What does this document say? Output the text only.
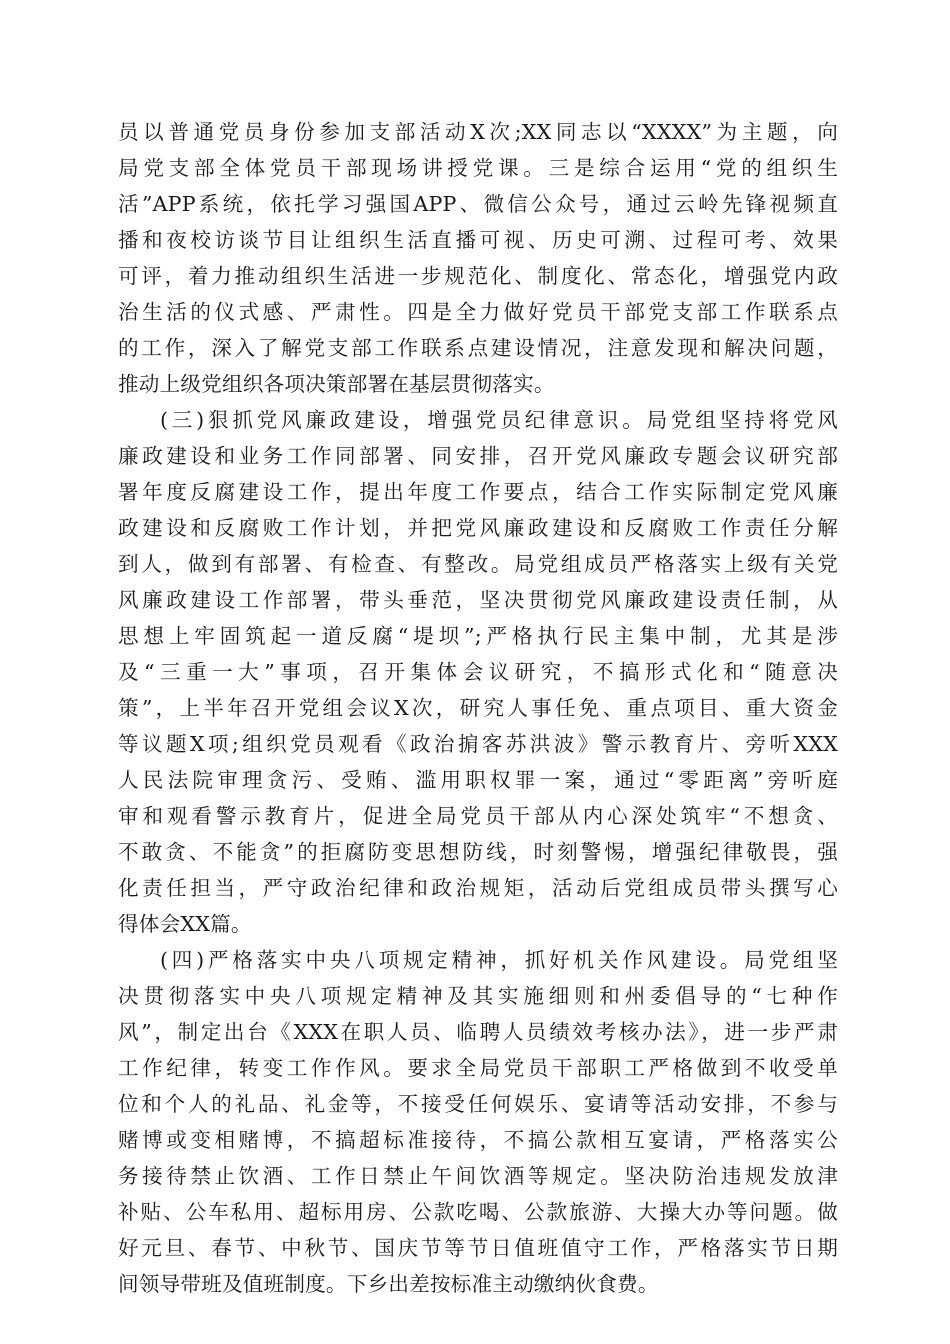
员以普通党员身份参加支部活动X次;XX同志以“XXXX”为主题，向
局党支部全体党员干部现场讲授党课。三是综合运用“党的组织生
活”APP系统，依托学习强国APP、微信公众号，通过云岭先锋视频直
播和夜校访谈节目让组织生活直播可视、历史可溯、过程可考、效果
可评，着力推动组织生活进一步规范化、制度化、常态化，增强党内政
治生活的仪式感、严肃性。四是全力做好党员干部党支部工作联系点
的工作，深入了解党支部工作联系点建设情况，注意发现和解决问题，
推动上级党组织各项决策部署在基层贯彻落实。
(三)狠抓党风廉政建设，增强党员纪律意识。局党组坚持将党风
廉政建设和业务工作同部署、同安排，召开党风廉政专题会议研究部
署年度反腐建设工作，提出年度工作要点，结合工作实际制定党风廉
政建设和反腐败工作计划，并把党风廉政建设和反腐败工作责任分解
到人，做到有部署、有检查、有整改。局党组成员严格落实上级有关党
风廉政建设工作部署，带头垂范，坚决贯彻党风廉政建设责任制，从
思想上牢固筑起一道反腐“堤坝”;严格执行民主集中制，尤其是涉
及“三重一大”事项，召开集体会议研究，不搞形式化和“随意决
策”，上半年召开党组会议X次，研究人事任免、重点项目、重大资金
等议题X项;组织党员观看《政治掮客苏洪波》警示教育片、旁听XXX
人民法院审理贪污、受贿、滥用职权罪一案，通过“零距离”旁听庭
审和观看警示教育片，促进全局党员干部从内心深处筑牢“不想贪、
不敢贪、不能贪”的拒腐防变思想防线，时刻警惕，增强纪律敬畏，强
化责任担当，严守政治纪律和政治规矩，活动后党组成员带头撰写心
得体会XX篇。
(四)严格落实中央八项规定精神，抓好机关作风建设。局党组坚
决贯彻落实中央八项规定精神及其实施细则和州委倡导的“七种作
风”，制定出台《XXX在职人员、临聘人员绩效考核办法》，进一步严肃
工作纪律，转变工作作风。要求全局党员干部职工严格做到不收受单
位和个人的礼品、礼金等，不接受任何娱乐、宴请等活动安排，不参与
赌博或变相赌博，不搞超标准接待，不搞公款相互宴请，严格落实公
务接待禁止饮酒、工作日禁止午间饮酒等规定。坚决防治违规发放津
补贴、公车私用、超标用房、公款吃喝、公款旅游、大操大办等问题。做
好元旦、春节、中秋节、国庆节等节日值班值守工作，严格落实节日期
间领导带班及值班制度。下乡出差按标准主动缴纳伙食费。
